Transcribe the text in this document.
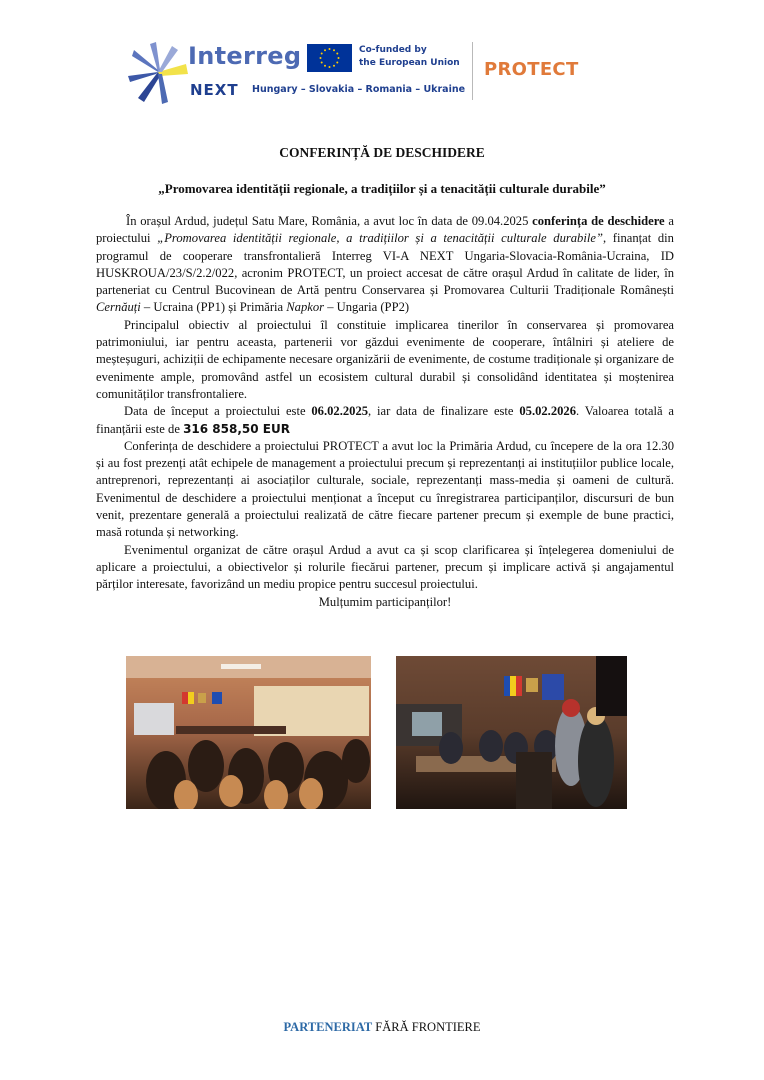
Interreg
NEXT Hungary – Slovakia – Romania – Ukraine
Co-funded by
the European Union PROTECT
CONFERINȚĂ DE DESCHIDERE
„Promovarea identității regionale, a tradițiilor și a tenacității culturale durabile”

În orașul Ardud, județul Satu Mare, România, a avut loc în data de 09.04.2025 conferința de deschidere a proiectului „Promovarea identității regionale, a tradițiilor și a tenacității culturale durabile”, finanțat din programul de cooperare transfrontalieră Interreg VI-A NEXT Ungaria-Slovacia-România-Ucraina, ID HUSKROUA/23/S/2.2/022, acronim PROTECT, un proiect accesat de către orașul Ardud în calitate de lider, în parteneriat cu Centrul Bucovinean de Artă pentru Conservarea și Promovarea Culturii Tradiționale Românești Cernăuți – Ucraina (PP1) și Primăria Napkor – Ungaria (PP2)

Principalul obiectiv al proiectului îl constituie implicarea tinerilor în conservarea și promovarea patrimoniului, iar pentru aceasta, partenerii vor găzdui evenimente de cooperare, întâlniri și ateliere de meșteșuguri, achiziții de echipamente necesare organizării de evenimente, de costume tradiționale și organizare de evenimente ample, promovând astfel un ecosistem cultural durabil și consolidând identitatea și moștenirea comunităților transfrontaliere.

Data de început a proiectului este 06.02.2025, iar data de finalizare este 05.02.2026. Valoarea totală a finanțării este de 316 858,50 EUR

Conferința de deschidere a proiectului PROTECT a avut loc la Primăria Ardud, cu începere de la ora 12.30 și au fost prezenți atât echipele de management a proiectului precum și reprezentanți ai instituțiilor publice locale, antreprenori, reprezentanți ai asociaților culturale, sociale, reprezentanți mass-media și oameni de cultură. Evenimentul de deschidere a proiectului menționat a început cu înregistrarea participanților, discursuri de bun venit, prezentare generală a proiectului realizată de către fiecare partener precum și exemple de bune practici, masă rotunda și networking.

Evenimentul organizat de către orașul Ardud a avut ca și scop clarificarea și înțelegerea domeniului de aplicare a proiectului, a obiectivelor și rolurile fiecărui partener, precum și implicare activă și angajamentul părților interesate, favorizând un mediu propice pentru succesul proiectului.

Mulțumim participanților!

PARTENERIAT FĂRĂ FRONTIERE
